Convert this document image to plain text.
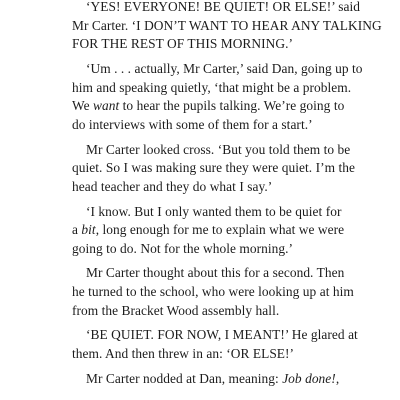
‘YES! EVERYONE! BE QUIET! OR ELSE!’ said
Mr Carter. ‘I DON’T WANT TO HEAR ANY TALKING
FOR THE REST OF THIS MORNING.’
‘Um . . . actually, Mr Carter,’ said Dan, going up to
him and speaking quietly, ‘that might be a problem.
We want to hear the pupils talking. We’re going to
do interviews with some of them for a start.’
Mr Carter looked cross. ‘But you told them to be
quiet. So I was making sure they were quiet. I’m the
head teacher and they do what I say.’
‘I know. But I only wanted them to be quiet for
a bit, long enough for me to explain what we were
going to do. Not for the whole morning.’
Mr Carter thought about this for a second. Then
he turned to the school, who were looking up at him
from the Bracket Wood assembly hall.
‘BE QUIET. FOR NOW, I MEANT!’ He glared at
them. And then threw in an: ‘OR ELSE!’
Mr Carter nodded at Dan, meaning: Job done!,
